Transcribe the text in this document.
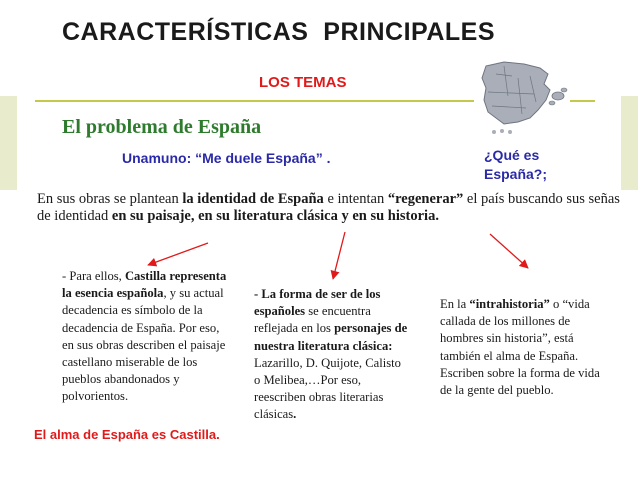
CARACTERÍSTICAS  PRINCIPALES
LOS TEMAS
El problema de España
Unamuno: “Me duele España” .	¿Qué es
España?;
En sus obras se plantean la identidad de España e intentan “regenerar” el país buscando sus señas de identidad en su paisaje, en su literatura clásica y en su historia.
- Para ellos, Castilla representa la esencia española, y su actual decadencia es símbolo de la decadencia de España. Por eso, en sus obras describen el paisaje castellano miserable de los pueblos abandonados y polvorientos.
- La forma de ser de los españoles se encuentra reflejada en los personajes de nuestra literatura clásica: Lazarillo, D. Quijote, Calisto o Melibea,…Por eso, reescriben obras literarias clásicas.
En la “intrahistoria” o “vida callada de los millones de hombres sin historia”, está también el alma de España. Escriben sobre la forma de vida de la gente del pueblo.
El alma de España es Castilla.
